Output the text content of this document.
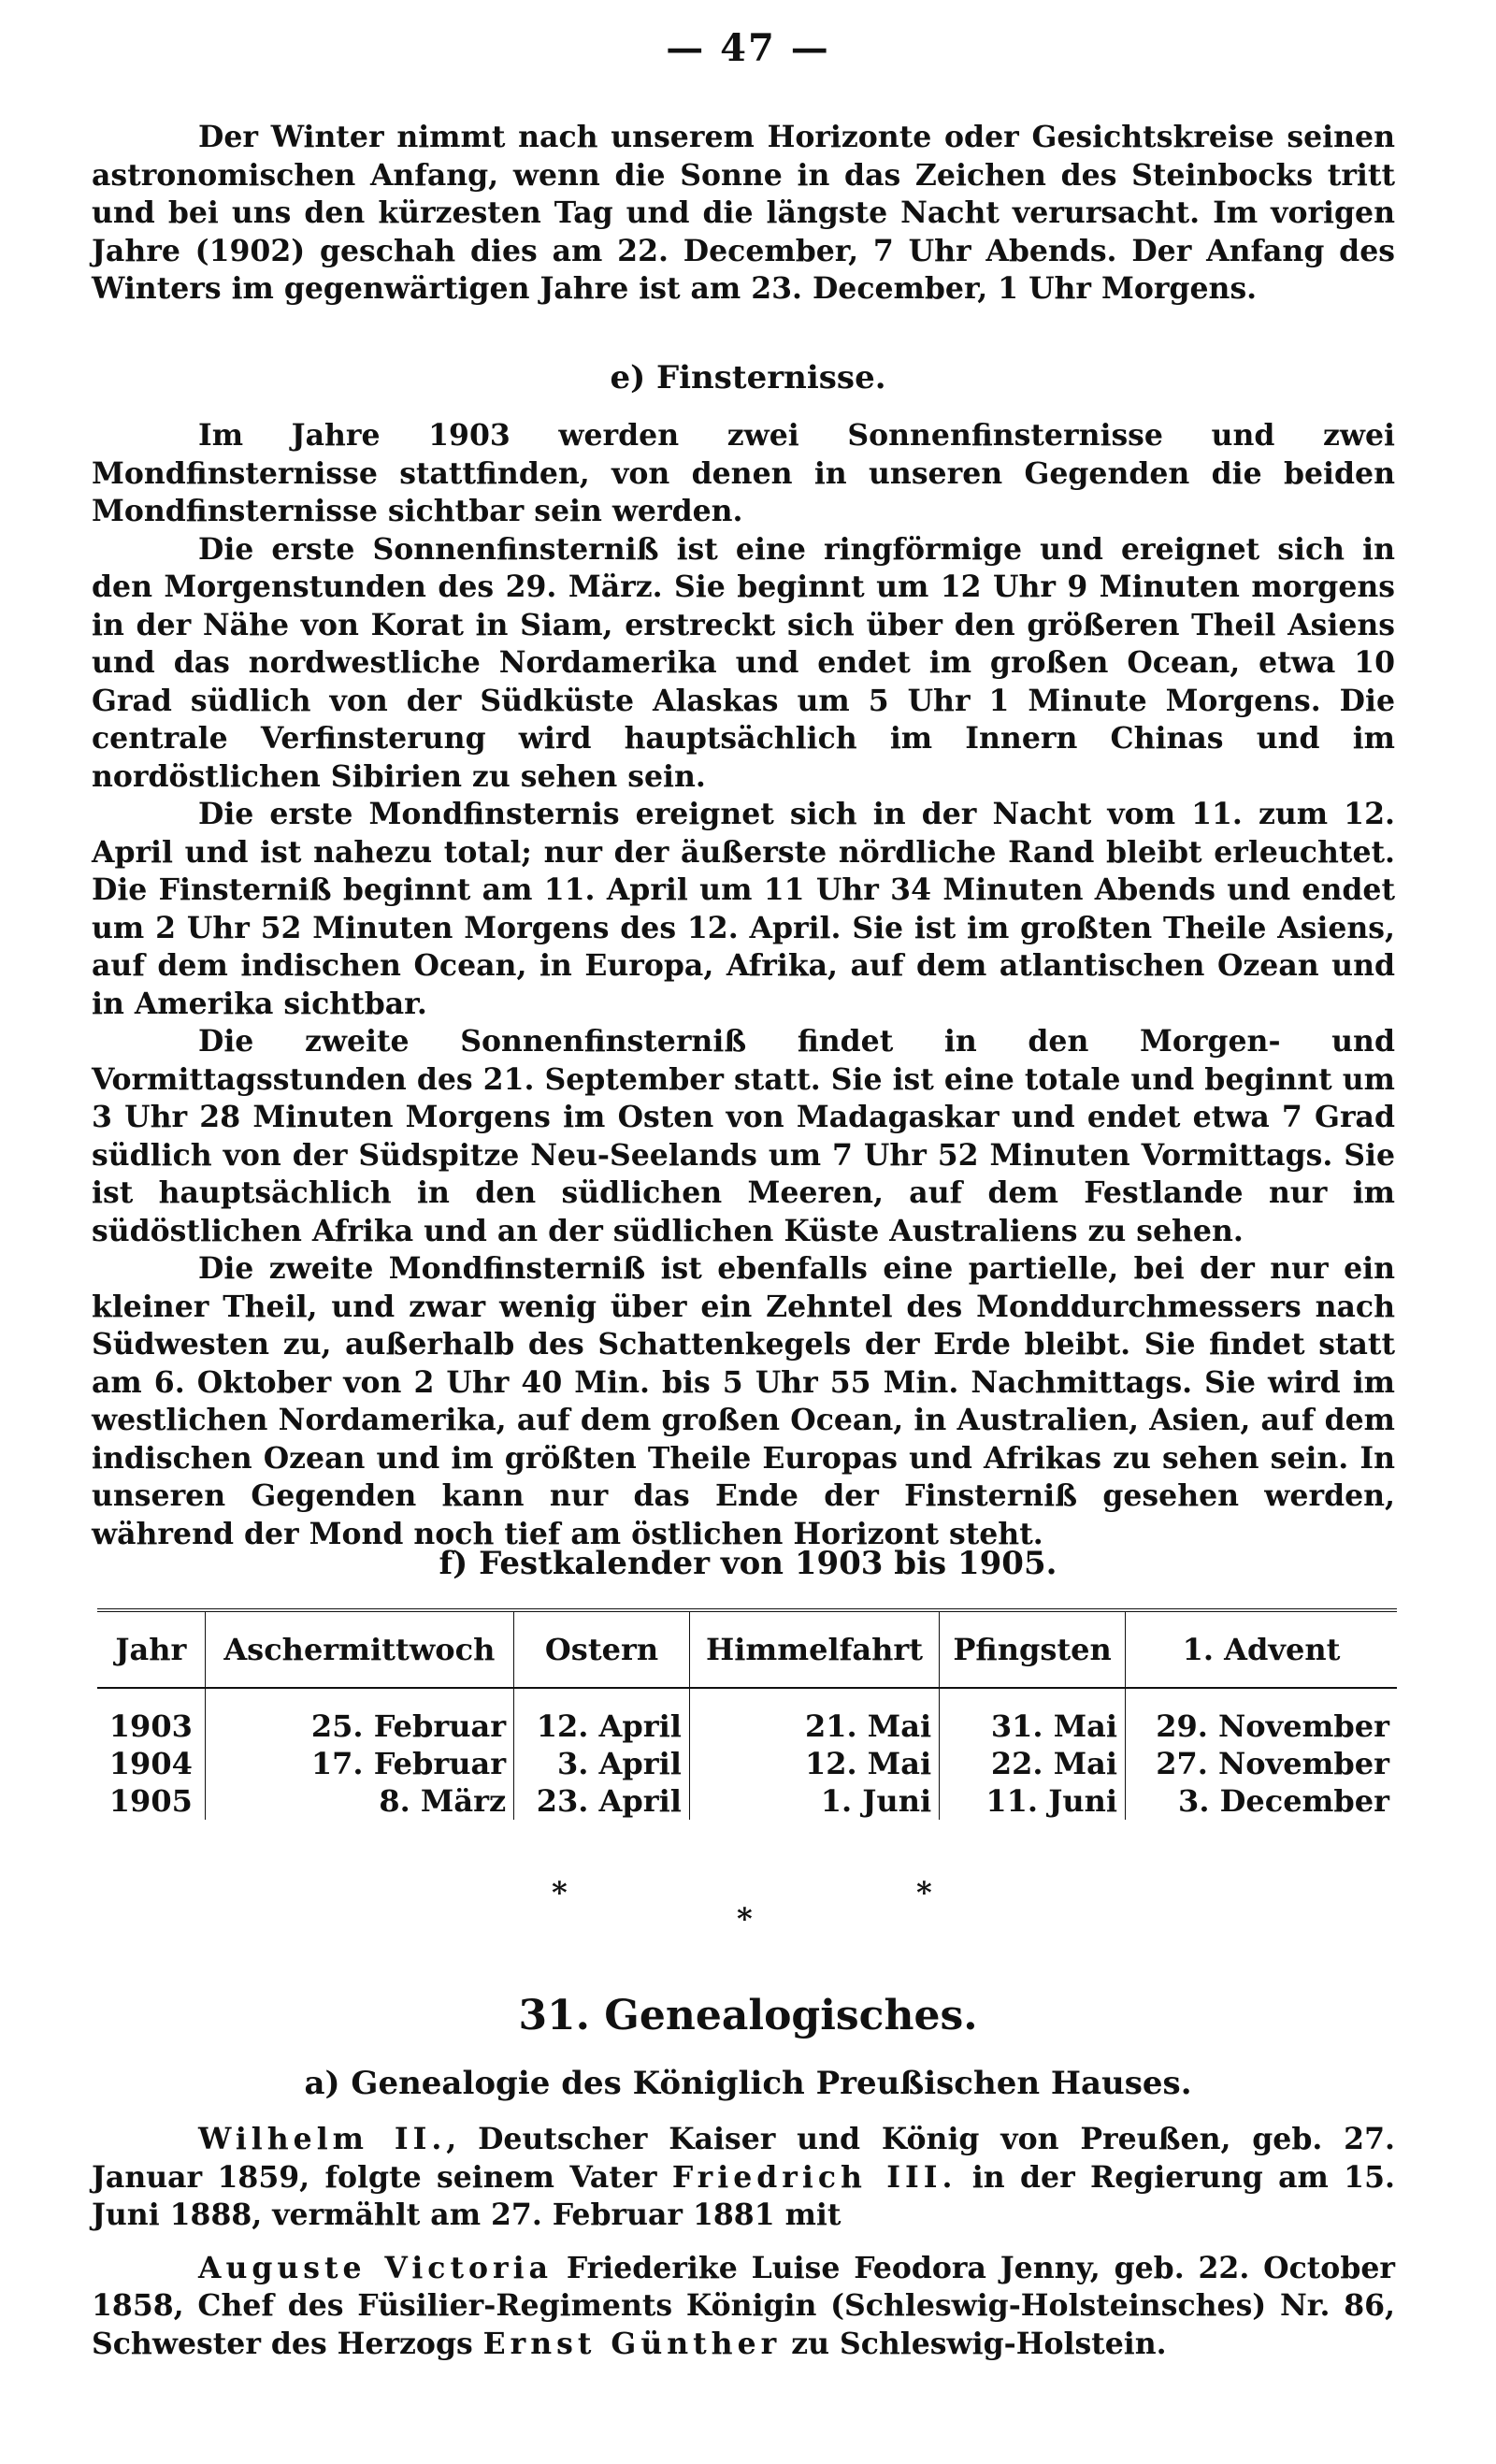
— 47 —

Der Winter nimmt nach unserem Horizonte oder Gesichtskreise seinen astronomischen Anfang, wenn die Sonne in das Zeichen des Steinbocks tritt und bei uns den kürzesten Tag und die längste Nacht verursacht. Im vorigen Jahre (1902) geschah dies am 22. December, 7 Uhr Abends. Der Anfang des Winters im gegenwärtigen Jahre ist am 23. December, 1 Uhr Morgens.

e) Finsternisse.

Im Jahre 1903 werden zwei Sonnenfinsternisse und zwei Mondfinsternisse stattfinden, von denen in unseren Gegenden die beiden Mondfinsternisse sichtbar sein werden.

Die erste Sonnenfinsterniß ist eine ringförmige und ereignet sich in den Morgenstunden des 29. März. Sie beginnt um 12 Uhr 9 Minuten morgens in der Nähe von Korat in Siam, erstreckt sich über den größeren Theil Asiens und das nordwestliche Nordamerika und endet im großen Ocean, etwa 10 Grad südlich von der Südküste Alaskas um 5 Uhr 1 Minute Morgens. Die centrale Verfinsterung wird hauptsächlich im Innern Chinas und im nordöstlichen Sibirien zu sehen sein.

Die erste Mondfinsternis ereignet sich in der Nacht vom 11. zum 12. April und ist nahezu total; nur der äußerste nördliche Rand bleibt erleuchtet. Die Finsterniß beginnt am 11. April um 11 Uhr 34 Minuten Abends und endet um 2 Uhr 52 Minuten Morgens des 12. April. Sie ist im großten Theile Asiens, auf dem indischen Ocean, in Europa, Afrika, auf dem atlantischen Ozean und in Amerika sichtbar.

Die zweite Sonnenfinsterniß findet in den Morgen- und Vormittagsstunden des 21. September statt. Sie ist eine totale und beginnt um 3 Uhr 28 Minuten Morgens im Osten von Madagaskar und endet etwa 7 Grad südlich von der Südspitze Neu-Seelands um 7 Uhr 52 Minuten Vormittags. Sie ist hauptsächlich in den südlichen Meeren, auf dem Festlande nur im südöstlichen Afrika und an der südlichen Küste Australiens zu sehen.

Die zweite Mondfinsterniß ist ebenfalls eine partielle, bei der nur ein kleiner Theil, und zwar wenig über ein Zehntel des Monddurchmessers nach Südwesten zu, außerhalb des Schattenkegels der Erde bleibt. Sie findet statt am 6. Oktober von 2 Uhr 40 Min. bis 5 Uhr 55 Min. Nachmittags. Sie wird im westlichen Nordamerika, auf dem großen Ocean, in Australien, Asien, auf dem indischen Ozean und im größten Theile Europas und Afrikas zu sehen sein. In unseren Gegenden kann nur das Ende der Finsterniß gesehen werden, während der Mond noch tief am östlichen Horizont steht.

f) Festkalender von 1903 bis 1905.
Jahr	Aschermittwoch	Ostern	Himmelfahrt	Pfingsten	1. Advent

1903	25. Februar	12. April	21. Mai	31. Mai	29. November
1904	17. Februar	3. April	12. Mai	22. Mai	27. November
1905	8. März	23. April	1. Juni	11. Juni	3. December
*
*
*
31. Genealogisches.
a) Genealogie des Königlich Preußischen Hauses.

Wilhelm II., Deutscher Kaiser und König von Preußen, geb. 27. Januar 1859, folgte seinem Vater Friedrich III. in der Regierung am 15. Juni 1888, vermählt am 27. Februar 1881 mit

Auguste Victoria Friederike Luise Feodora Jenny, geb. 22. October 1858, Chef des Füsilier-Regiments Königin (Schleswig-Holsteinsches) Nr. 86, Schwester des Herzogs Ernst Günther zu Schleswig-Holstein.
